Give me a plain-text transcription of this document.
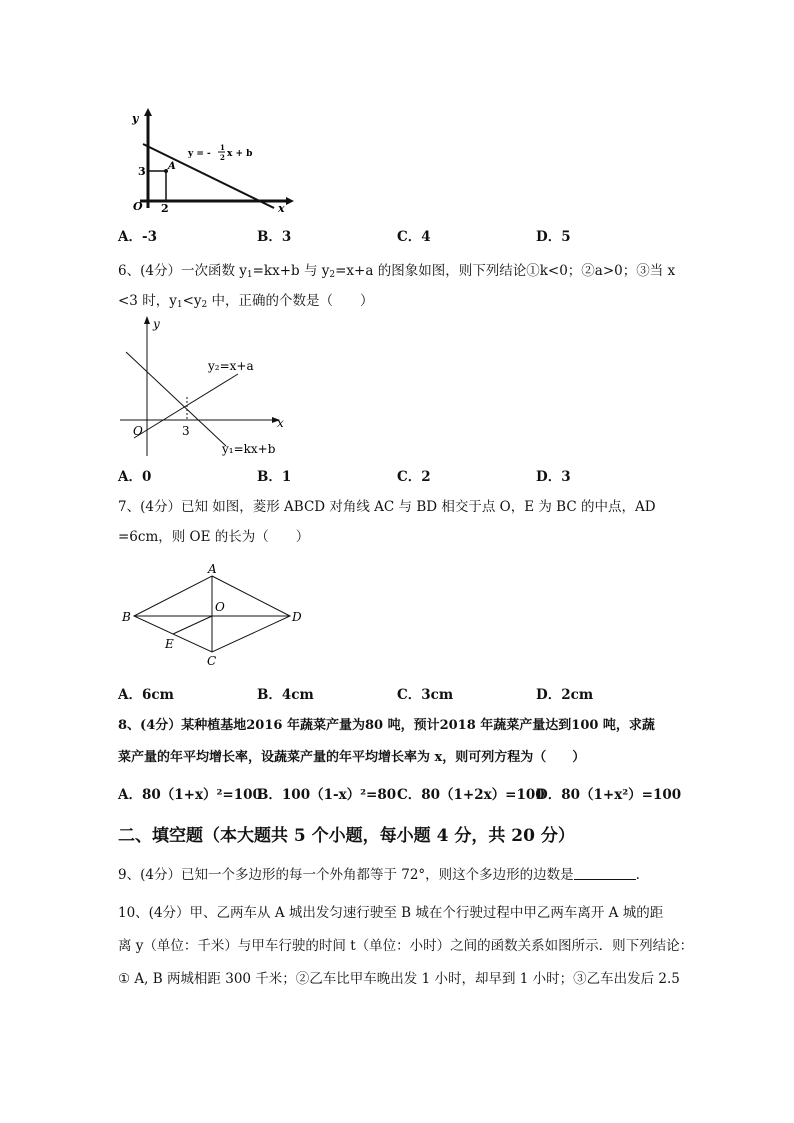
y
x
O
3
2
A
y = -
1
2 x + b
A．-3	B．3	C．4	D．5
6、(4分）一次函数 $y_1=kx+b$ 与 $y_2=x+a$ 的图象如图，则下列结论①k<0；②a>0；③当 x
<3 时，$y_1<y_2$ 中，正确的个数是（　　）
y
x
O	3
y₂=x+a
y₁=kx+b
A．0	B．1	C．2	D．3
7、(4分）已知 如图，菱形 ABCD 对角线 AC 与 BD 相交于点 O，E 为 BC 的中点，AD
=6cm，则 OE 的长为（　　）
A
B
C
D
O
E
A．6cm	B．4cm	C．3cm	D．2cm
8、(4分）某种植基地2016 年蔬菜产量为80 吨，预计2018 年蔬菜产量达到100 吨，求蔬
菜产量的年平均增长率，设蔬菜产量的年平均增长率为 x，则可列方程为（　　）
A．80（1+x）²=100
B．100（1-x）²=80 C．80（1+2x）=100
D．80（1+x²）=100
二、填空题（本大题共 5 个小题，每小题 4 分，共 20 分）
9、(4分）已知一个多边形的每一个外角都等于 72°，则这个多边形的边数是	.
10、(4分）甲、乙两车从 A 城出发匀速行驶至 B 城在个行驶过程中甲乙两车离开 A 城的距
离 y（单位：千米）与甲车行驶的时间 t（单位：小时）之间的函数关系如图所示．则下列结论：
① A, B 两城相距 300 千米；②乙车比甲车晚出发 1 小时，却早到 1 小时；③乙车出发后 2.5
